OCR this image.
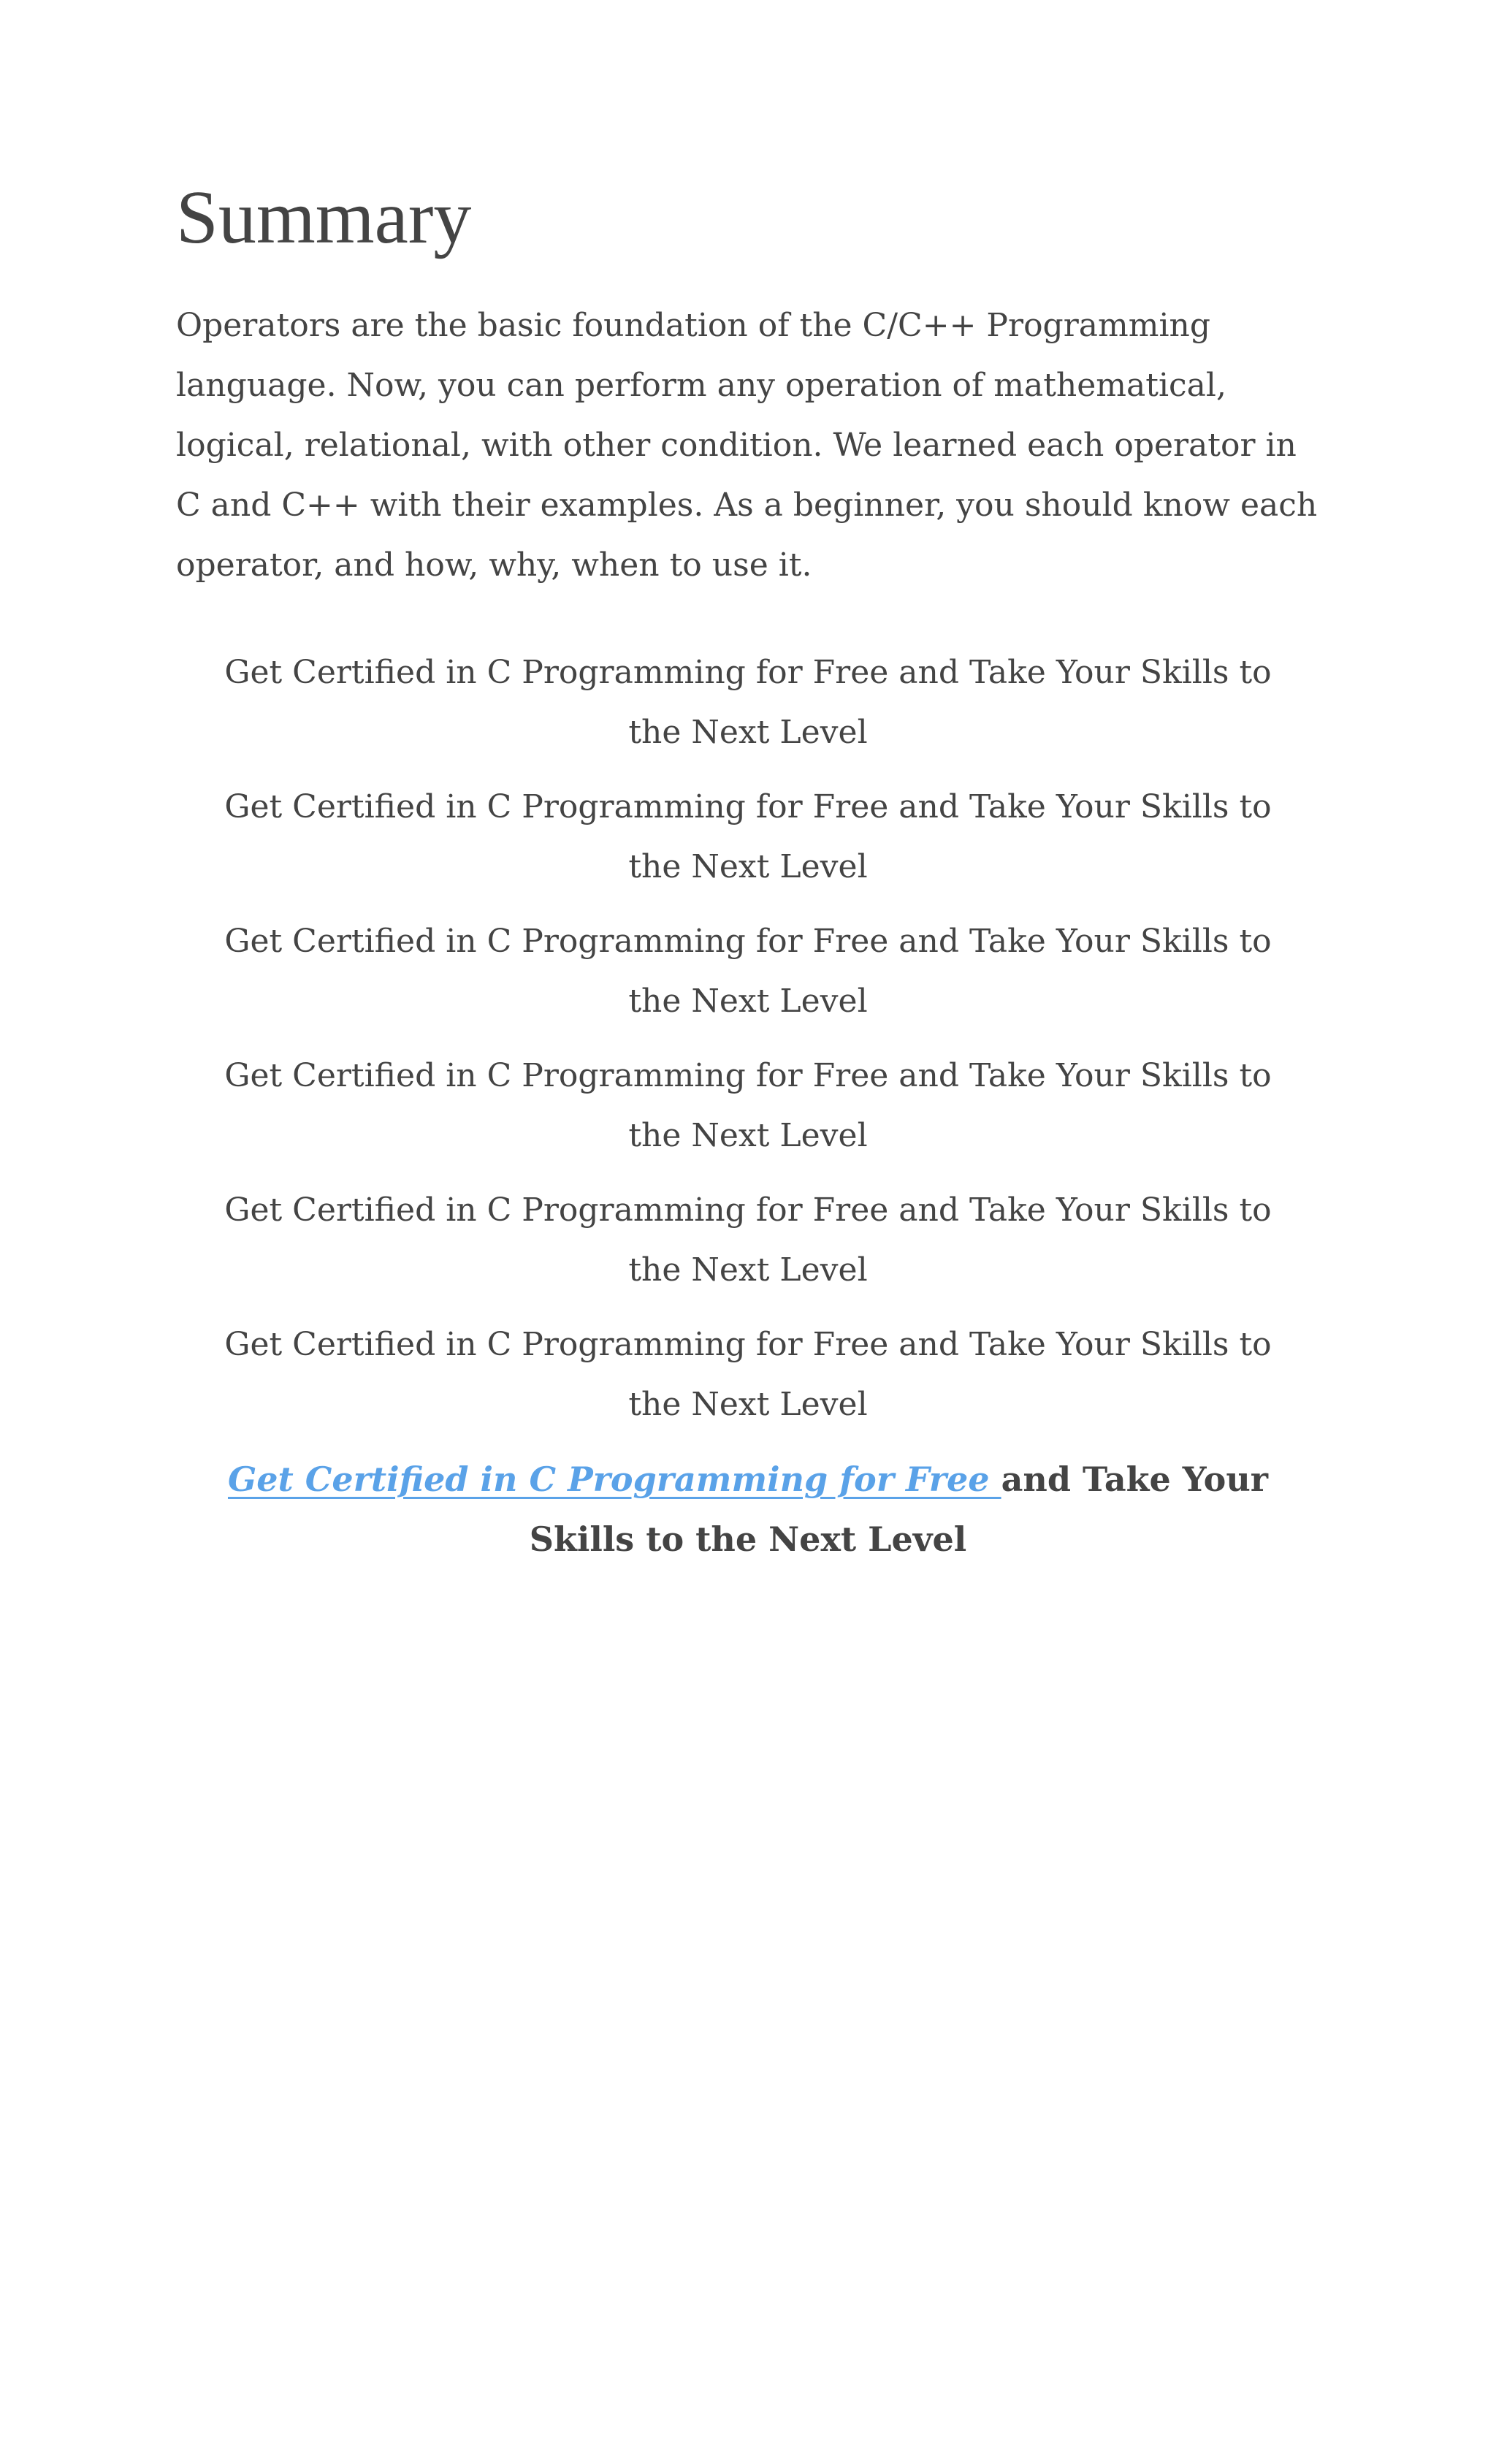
Summary

Operators are the basic foundation of the C/C++ Programming language. Now, you can perform any operation of mathematical, logical, relational, with other condition. We learned each operator in C and C++ with their examples. As a beginner, you should know each operator, and how, why, when to use it.

Get Certified in C Programming for Free and Take Your Skills to the Next Level

Get Certified in C Programming for Free and Take Your Skills to the Next Level

Get Certified in C Programming for Free and Take Your Skills to the Next Level

Get Certified in C Programming for Free and Take Your Skills to the Next Level

Get Certified in C Programming for Free and Take Your Skills to the Next Level

Get Certified in C Programming for Free and Take Your Skills to the Next Level

Get Certified in C Programming for Free and Take Your Skills to the Next Level
